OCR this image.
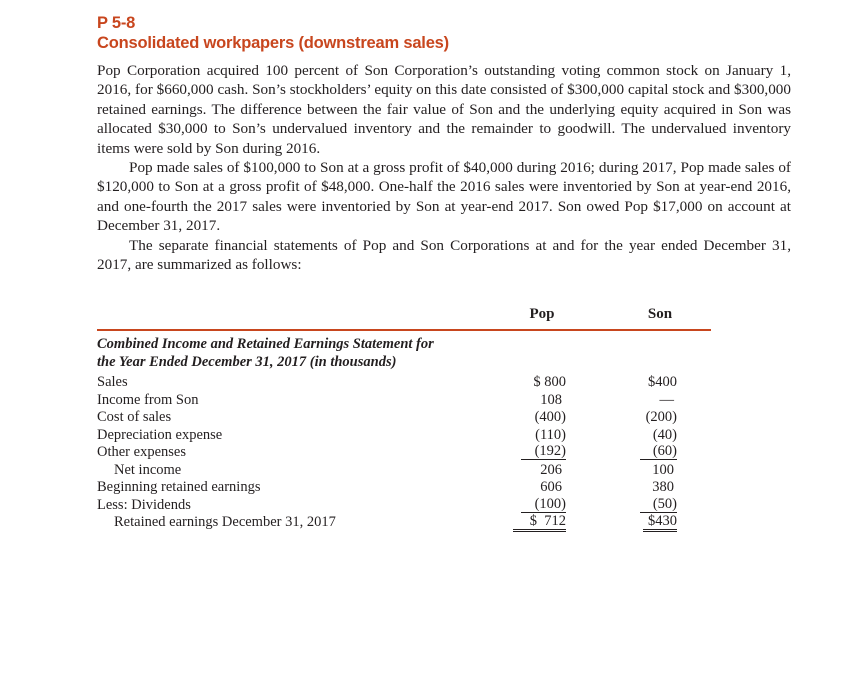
P 5-8
Consolidated workpapers (downstream sales)

Pop Corporation acquired 100 percent of Son Corporation’s outstanding voting common stock on January 1, 2016, for $660,000 cash. Son’s stockholders’ equity on this date consisted of $300,000 capital stock and $300,000 retained earnings. The difference between the fair value of Son and the underlying equity acquired in Son was allocated $30,000 to Son’s undervalued inventory and the remainder to goodwill. The undervalued inventory items were sold by Son during 2016.

Pop made sales of $100,000 to Son at a gross profit of $40,000 during 2016; during 2017, Pop made sales of $120,000 to Son at a gross profit of $48,000. One-half the 2016 sales were inventoried by Son at year-end 2016, and one-fourth the 2017 sales were inventoried by Son at year-end 2017. Son owed Pop $17,000 on account at December 31, 2017.

The separate financial statements of Pop and Son Corporations at and for the year ended December 31, 2017, are summarized as follows:

Pop	Son
Combined Income and Retained Earnings Statement for
the Year Ended December 31, 2017 (in thousands)
Sales	$ 800	$400
Income from Son	108	—
Cost of sales	(400)	(200)
Depreciation expense	(110)	(40)
Other expenses	(192)	(60)
Net income	206	100
Beginning retained earnings	606	380
Less: Dividends	(100)	(50)
Retained earnings December 31, 2017	$  712	$430
